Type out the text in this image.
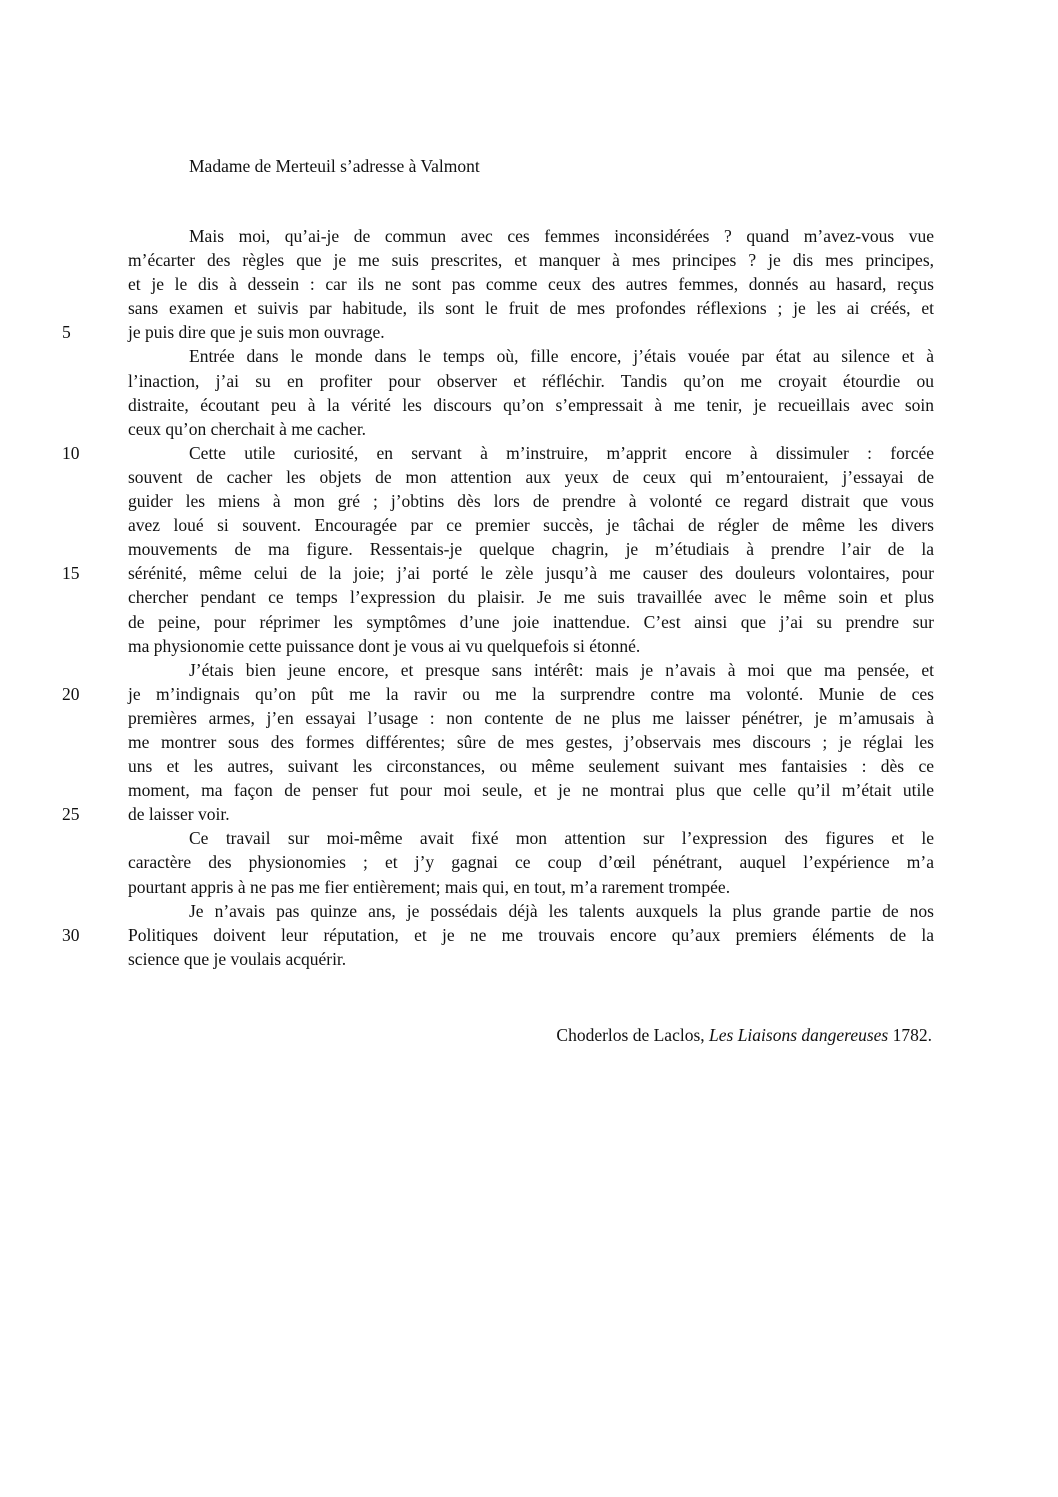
Madame de Merteuil s’adresse à Valmont
Mais moi, qu’ai-je de commun avec ces femmes inconsidérées ? quand m’avez-vous vue
m’écarter des règles que je me suis prescrites, et manquer à mes principes ? je dis mes principes,
et je le dis à dessein : car ils ne sont pas comme ceux des autres femmes, donnés au hasard, reçus
sans examen et suivis par habitude, ils sont le fruit de mes profondes réflexions ; je les ai créés, et
je puis dire que je suis mon ouvrage.
Entrée dans le monde dans le temps où, fille encore, j’étais vouée par état au silence et à
l’inaction, j’ai su en profiter pour observer et réfléchir. Tandis qu’on me croyait étourdie ou
distraite, écoutant peu à la vérité les discours qu’on s’empressait à me tenir, je recueillais avec soin
ceux qu’on cherchait à me cacher.
Cette utile curiosité, en servant à m’instruire, m’apprit encore à dissimuler : forcée
souvent de cacher les objets de mon attention aux yeux de ceux qui m’entouraient, j’essayai de
guider les miens à mon gré ; j’obtins dès lors de prendre à volonté ce regard distrait que vous
avez loué si souvent. Encouragée par ce premier succès, je tâchai de régler de même les divers
mouvements de ma figure. Ressentais-je quelque chagrin, je m’étudiais à prendre l’air de la
sérénité, même celui de la joie; j’ai porté le zèle jusqu’à me causer des douleurs volontaires, pour
chercher pendant ce temps l’expression du plaisir. Je me suis travaillée avec le même soin et plus
de peine, pour réprimer les symptômes d’une joie inattendue. C’est ainsi que j’ai su prendre sur
ma physionomie cette puissance dont je vous ai vu quelquefois si étonné.
J’étais bien jeune encore, et presque sans intérêt: mais je n’avais à moi que ma pensée, et
je m’indignais qu’on pût me la ravir ou me la surprendre contre ma volonté. Munie de ces
premières armes, j’en essayai l’usage : non contente de ne plus me laisser pénétrer, je m’amusais à
me montrer sous des formes différentes; sûre de mes gestes, j’observais mes discours ; je réglai les
uns et les autres, suivant les circonstances, ou même seulement suivant mes fantaisies : dès ce
moment, ma façon de penser fut pour moi seule, et je ne montrai plus que celle qu’il m’était utile
de laisser voir.
Ce travail sur moi-même avait fixé mon attention sur l’expression des figures et le
caractère des physionomies ; et j’y gagnai ce coup d’œil pénétrant, auquel l’expérience m’a
pourtant appris à ne pas me fier entièrement; mais qui, en tout, m’a rarement trompée.
Je n’avais pas quinze ans, je possédais déjà les talents auxquels la plus grande partie de nos
Politiques doivent leur réputation, et je ne me trouvais encore qu’aux premiers éléments de la
science que je voulais acquérir.
5
10
15
20
25
30
Choderlos de Laclos, Les Liaisons dangereuses 1782.
